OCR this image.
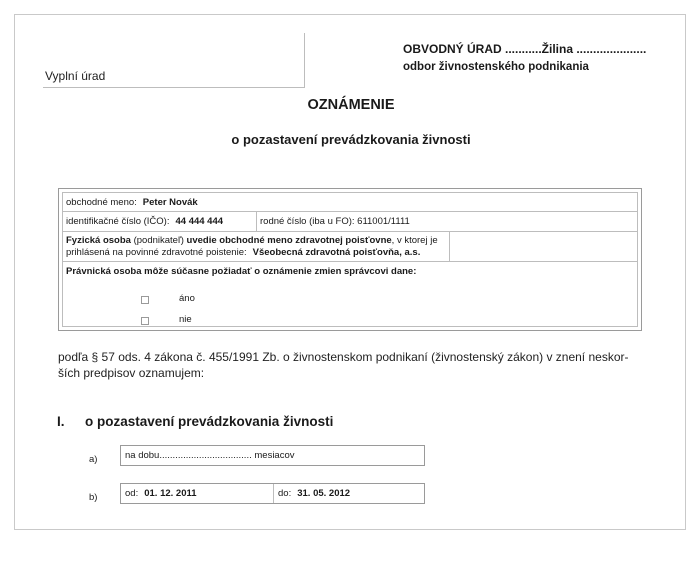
Vyplní úrad
OBVODNÝ ÚRAD ...........Žilina .....................
odbor živnostenského podnikania
OZNÁMENIE
o pozastavení prevádzkovania živnosti
obchodné meno: Peter Novák
identifikačné číslo (IČO): 44 444 444	rodné číslo (iba u FO): 611001/1111
Fyzická osoba (podnikateľ) uvedie obchodné meno zdravotnej poisťovne, v ktorej je
prihlásená na povinné zdravotné poistenie: Všeobecná zdravotná poisťovňa, a.s.
Právnická osoba môže súčasne požiadať o oznámenie zmien správcovi dane:
áno
nie
podľa § 57 ods. 4 zákona č. 455/1991 Zb. o živnostenskom podnikaní (živnostenský zákon) v znení neskor-
ších predpisov oznamujem:
I. o pozastavení prevádzkovania živnosti
a)	na dobu................................... mesiacov
b)	od: 01. 12. 2011	do: 31. 05. 2012
